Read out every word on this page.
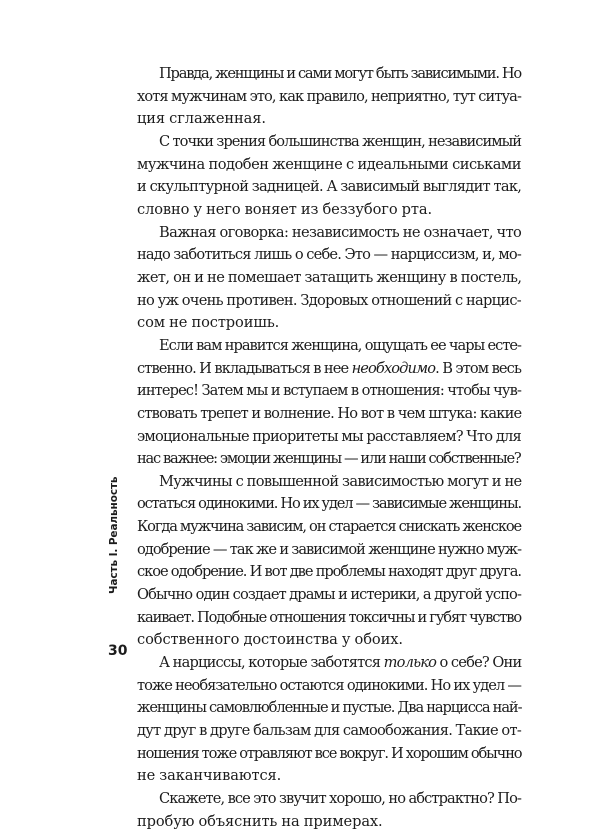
Правда, женщины и сами могут быть зависимыми. Но
хотя мужчинам это, как правило, неприятно, тут ситуа-
ция сглаженная.
С точки зрения большинства женщин, независимый
мужчина подобен женщине с идеальными сиськами
и скульптурной задницей. А зависимый выглядит так,
словно у него воняет из беззубого рта.
Важная оговорка: независимость не означает, что
надо заботиться лишь о себе. Это — нарциссизм, и, мо-
жет, он и не помешает затащить женщину в постель,
но уж очень противен. Здоровых отношений с нарцис-
сом не построишь.
Если вам нравится женщина, ощущать ее чары есте-
ственно. И вкладываться в нее необходимо. В этом весь
интерес! Затем мы и вступаем в отношения: чтобы чув-
ствовать трепет и волнение. Но вот в чем штука: какие
эмоциональные приоритеты мы расставляем? Что для
нас важнее: эмоции женщины — или наши собственные?
Мужчины с повышенной зависимостью могут и не
остаться одинокими. Но их удел — зависимые женщины.
Когда мужчина зависим, он старается снискать женское
одобрение — так же и зависимой женщине нужно муж-
ское одобрение. И вот две проблемы находят друг друга.
Обычно один создает драмы и истерики, а другой успо-
каивает. Подобные отношения токсичны и губят чувство
собственного достоинства у обоих.
А нарциссы, которые заботятся только о себе? Они
тоже необязательно остаются одинокими. Но их удел —
женщины самовлюбленные и пустые. Два нарцисса най-
дут друг в друге бальзам для самообожания. Такие от-
ношения тоже отравляют все вокруг. И хорошим обычно
не заканчиваются.
Скажете, все это звучит хорошо, но абстрактно? По-
пробую объяснить на примерах.
Часть I. Реальность
30
